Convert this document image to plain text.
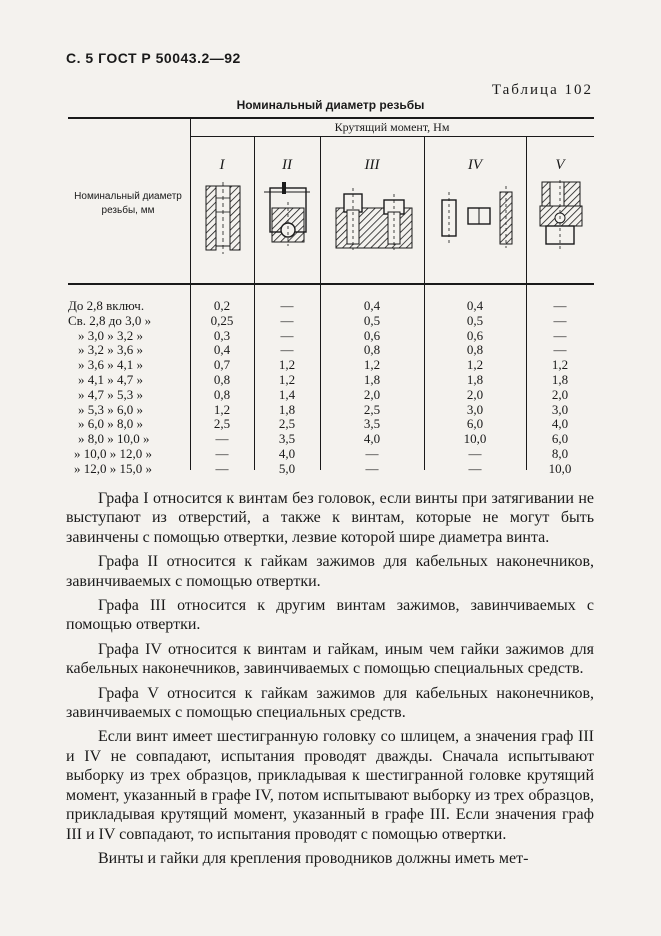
С. 5 ГОСТ Р 50043.2—92
Таблица 102
Номинальный диаметр резьбы
Крутящий момент, Нм
Номинальный диаметр резьбы, мм
I	II	III	IV	V
До 2,8 включ.	0,2	—	0,4	0,4	—
Св. 2,8 до 3,0 »	0,25	—	0,5	0,5	—
» 3,0 » 3,2 »	0,3	—	0,6	0,6	—
» 3,2 » 3,6 »	0,4	—	0,8	0,8	—
» 3,6 » 4,1 »	0,7	1,2	1,2	1,2	1,2
» 4,1 » 4,7 »	0,8	1,2	1,8	1,8	1,8
» 4,7 » 5,3 »	0,8	1,4	2,0	2,0	2,0
» 5,3 » 6,0 »	1,2	1,8	2,5	3,0	3,0
» 6,0 » 8,0 »	2,5	2,5	3,5	6,0	4,0
» 8,0 » 10,0 »	—	3,5	4,0	10,0	6,0
» 10,0 » 12,0 »	—	4,0	—	—	8,0
» 12,0 » 15,0 »	—	5,0	—	—	10,0

Графа I относится к винтам без головок, если винты при затягивании не выступают из отверстий, а также к винтам, которые не могут быть завинчены с помощью отвертки, лезвие которой шире диаметра винта.

Графа II относится к гайкам зажимов для кабельных наконечников, завинчиваемых с помощью отвертки.

Графа III относится к другим винтам зажимов, завинчиваемых с помощью отвертки.

Графа IV относится к винтам и гайкам, иным чем гайки зажимов для кабельных наконечников, завинчиваемых с помощью специальных средств.

Графа V относится к гайкам зажимов для кабельных наконечников, завинчиваемых с помощью специальных средств.

Если винт имеет шестигранную головку со шлицем, а значения граф III и IV не совпадают, испытания проводят дважды. Сначала испытывают выборку из трех образцов, прикладывая к шестигранной головке крутящий момент, указанный в графе IV, потом испытывают выборку из трех образцов, прикладывая крутящий момент, указанный в графе III. Если значения граф III и IV совпадают, то испытания проводят с помощью отвертки.

Винты и гайки для крепления проводников должны иметь мет-
